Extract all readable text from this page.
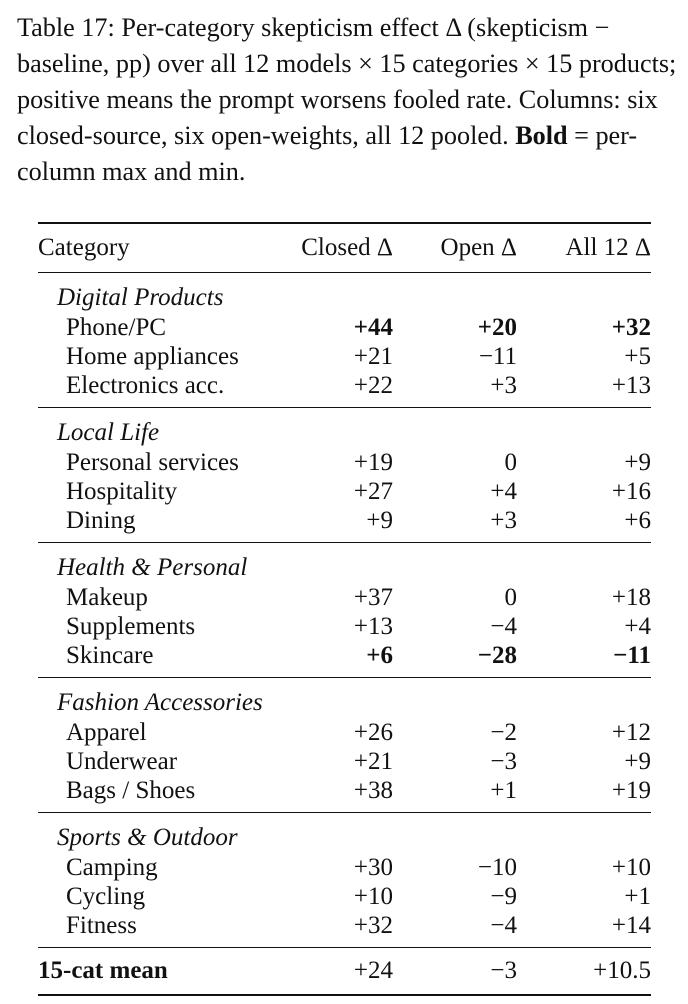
Table 17: Per-category skepticism effect Δ (skepticism − baseline, pp) over all 12 models × 15 categories × 15 products; positive means the prompt worsens fooled rate. Columns: six closed-source, six open-weights, all 12 pooled. Bold = per-column max and min.

Category	Closed Δ	Open Δ	All 12 Δ
Digital Products			
Phone/PC	+44	+20	+32
Home appliances	+21	−11	+5
Electronics acc.	+22	+3	+13
Local Life			
Personal services	+19	0	+9
Hospitality	+27	+4	+16
Dining	+9	+3	+6
Health & Personal			
Makeup	+37	0	+18
Supplements	+13	−4	+4
Skincare	+6	−28	−11
Fashion Accessories			
Apparel	+26	−2	+12
Underwear	+21	−3	+9
Bags / Shoes	+38	+1	+19
Sports & Outdoor			
Camping	+30	−10	+10
Cycling	+10	−9	+1
Fitness	+32	−4	+14
15-cat mean	+24	−3	+10.5
